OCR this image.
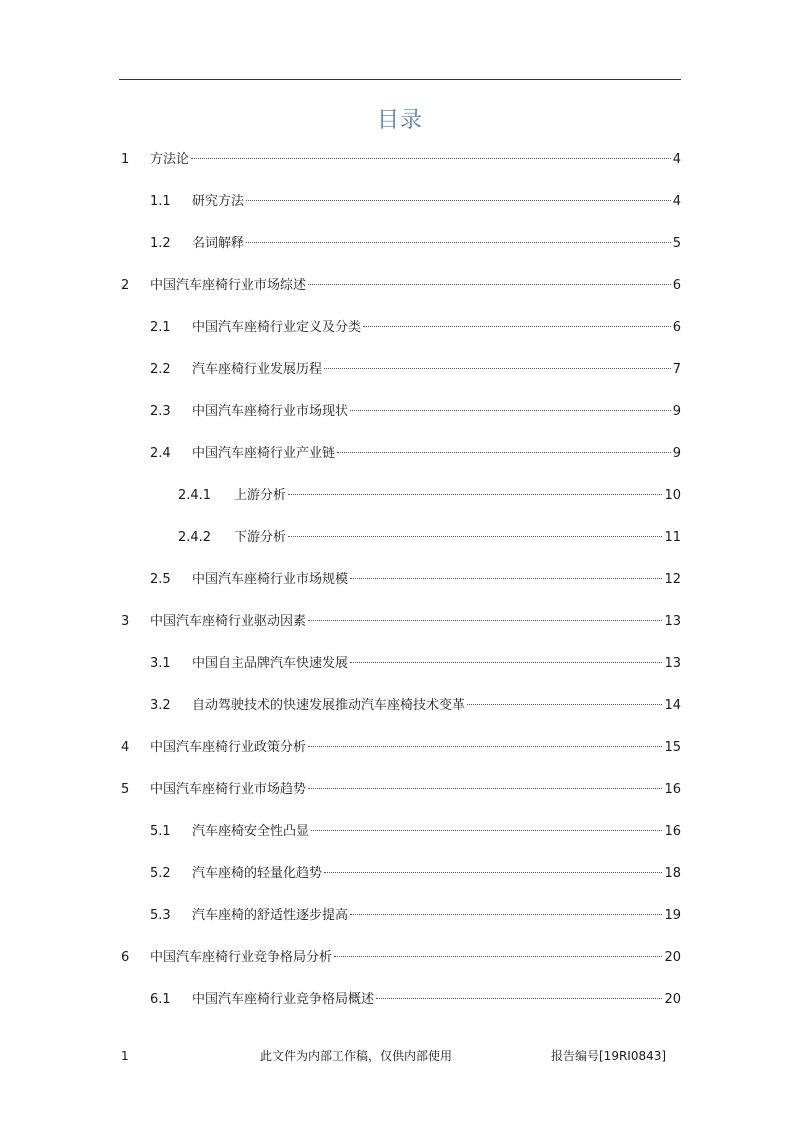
目录
1 方法论	4
1.1 研究方法	4
1.2 名词解释	5
2 中国汽车座椅行业市场综述	6
2.1 中国汽车座椅行业定义及分类	6
2.2 汽车座椅行业发展历程	7
2.3 中国汽车座椅行业市场现状	9
2.4 中国汽车座椅行业产业链	9
2.4.1 上游分析	10
2.4.2 下游分析	11
2.5 中国汽车座椅行业市场规模	12
3 中国汽车座椅行业驱动因素	13
3.1 中国自主品牌汽车快速发展	13
3.2 自动驾驶技术的快速发展推动汽车座椅技术变革	14
4 中国汽车座椅行业政策分析	15
5 中国汽车座椅行业市场趋势	16
5.1 汽车座椅安全性凸显	16
5.2 汽车座椅的轻量化趋势	18
5.3 汽车座椅的舒适性逐步提高	19
6 中国汽车座椅行业竞争格局分析	20
6.1 中国汽车座椅行业竞争格局概述	20
1	此文件为内部工作稿，仅供内部使用	报告编号[19RI0843]
